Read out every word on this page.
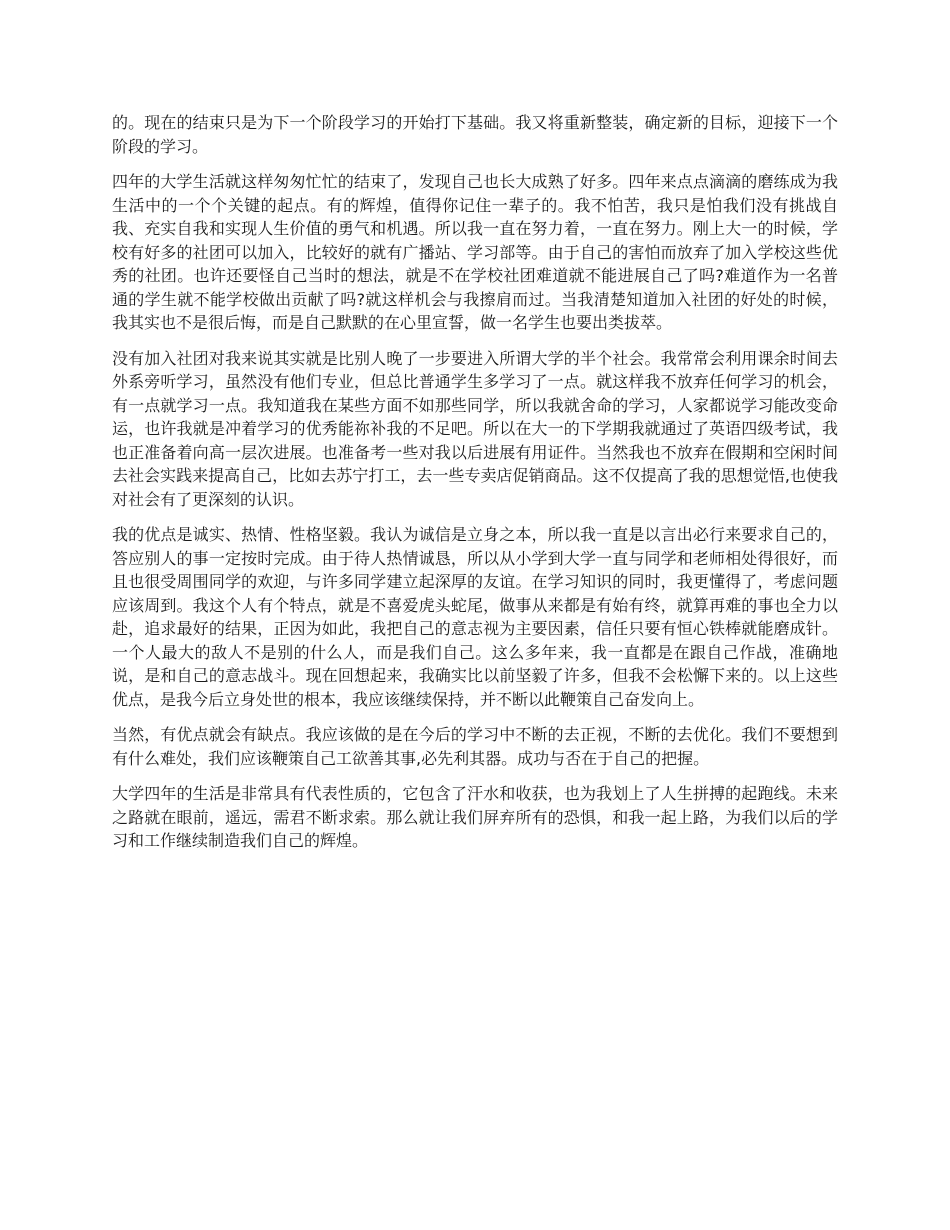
的。现在的结束只是为下一个阶段学习的开始打下基础。我又将重新整装，确定新的目标，迎接下一个阶段的学习。

四年的大学生活就这样匆匆忙忙的结束了，发现自己也长大成熟了好多。四年来点点滴滴的磨练成为我生活中的一个个关键的起点。有的辉煌，值得你记住一辈子的。我不怕苦，我只是怕我们没有挑战自我、充实自我和实现人生价值的勇气和机遇。所以我一直在努力着，一直在努力。刚上大一的时候，学校有好多的社团可以加入，比较好的就有广播站、学习部等。由于自己的害怕而放弃了加入学校这些优秀的社团。也许还要怪自己当时的想法，就是不在学校社团难道就不能进展自己了吗?难道作为一名普通的学生就不能学校做出贡献了吗?就这样机会与我擦肩而过。当我清楚知道加入社团的好处的时候，我其实也不是很后悔，而是自己默默的在心里宣誓，做一名学生也要出类拔萃。

没有加入社团对我来说其实就是比别人晚了一步要进入所谓大学的半个社会。我常常会利用课余时间去外系旁听学习，虽然没有他们专业，但总比普通学生多学习了一点。就这样我不放弃任何学习的机会，有一点就学习一点。我知道我在某些方面不如那些同学，所以我就舍命的学习，人家都说学习能改变命运，也许我就是冲着学习的优秀能祢补我的不足吧。所以在大一的下学期我就通过了英语四级考试，我也正准备着向高一层次进展。也准备考一些对我以后进展有用证件。当然我也不放弃在假期和空闲时间去社会实践来提高自己，比如去苏宁打工，去一些专卖店促销商品。这不仅提高了我的思想觉悟,也使我对社会有了更深刻的认识。

我的优点是诚实、热情、性格坚毅。我认为诚信是立身之本，所以我一直是以言出必行来要求自己的，答应别人的事一定按时完成。由于待人热情诚恳，所以从小学到大学一直与同学和老师相处得很好，而且也很受周围同学的欢迎，与许多同学建立起深厚的友谊。在学习知识的同时，我更懂得了，考虑问题应该周到。我这个人有个特点，就是不喜爱虎头蛇尾，做事从来都是有始有终，就算再难的事也全力以赴，追求最好的结果，正因为如此，我把自己的意志视为主要因素，信任只要有恒心铁棒就能磨成针。一个人最大的敌人不是别的什么人，而是我们自己。这么多年来，我一直都是在跟自己作战，准确地说，是和自己的意志战斗。现在回想起来，我确实比以前坚毅了许多，但我不会松懈下来的。以上这些优点，是我今后立身处世的根本，我应该继续保持，并不断以此鞭策自己奋发向上。

当然，有优点就会有缺点。我应该做的是在今后的学习中不断的去正视，不断的去优化。我们不要想到有什么难处，我们应该鞭策自己工欲善其事,必先利其器。成功与否在于自己的把握。

大学四年的生活是非常具有代表性质的，它包含了汗水和收获，也为我划上了人生拼搏的起跑线。未来之路就在眼前，遥远，需君不断求索。那么就让我们屏弃所有的恐惧，和我一起上路，为我们以后的学习和工作继续制造我们自己的辉煌。
